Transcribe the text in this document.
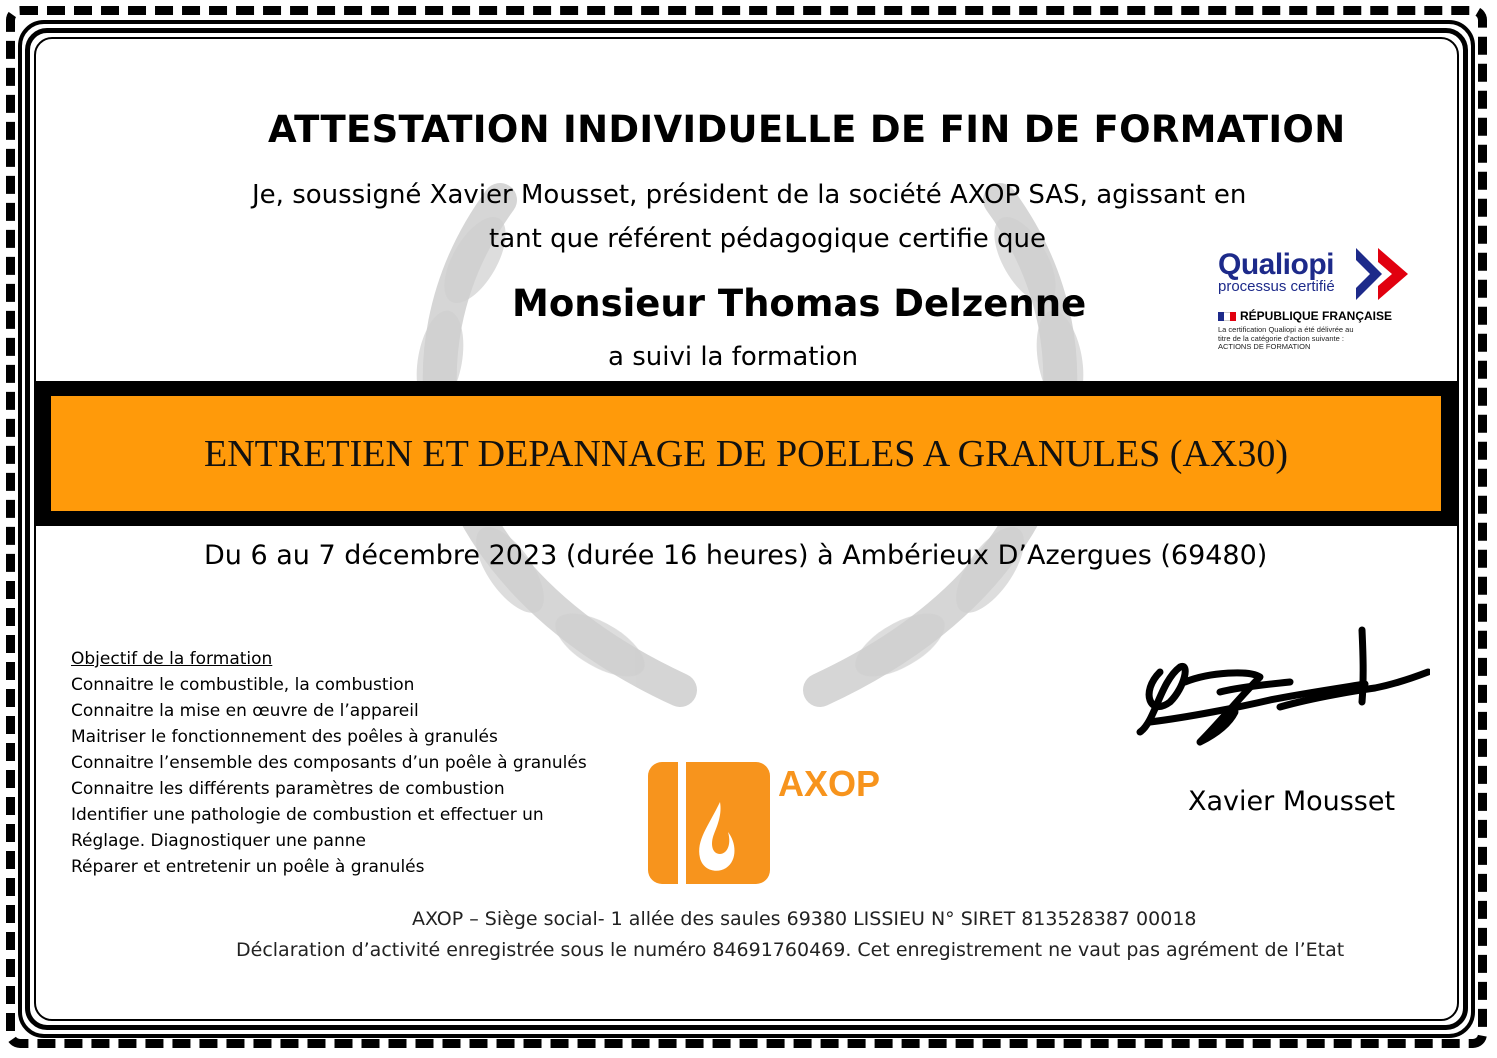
ATTESTATION INDIVIDUELLE DE FIN DE FORMATION
Je, soussigné Xavier Mousset, président de la société AXOP SAS, agissant en
tant que référent pédagogique certifie que
Monsieur Thomas Delzenne
a suivi la formation
Qualiopi
processus certifié
RÉPUBLIQUE FRANÇAISE
La certification Qualiopi a été délivrée au
titre de la catégorie d’action suivante :
ACTIONS DE FORMATION
ENTRETIEN ET DEPANNAGE DE POELES A GRANULES (AX30)
Du 6 au 7 décembre 2023 (durée 16 heures) à Ambérieux D’Azergues (69480)
Objectif de la formation
Connaitre le combustible, la combustion
Connaitre la mise en œuvre de l’appareil
Maitriser le fonctionnement des poêles à granulés
Connaitre l’ensemble des composants d’un poêle à granulés
Connaitre les différents paramètres de combustion
Identifier une pathologie de combustion et effectuer un
Réglage. Diagnostiquer une panne
Réparer et entretenir un poêle à granulés
AXOP	Xavier Mousset
AXOP – Siège social- 1 allée des saules 69380 LISSIEU N° SIRET 813528387 00018
Déclaration d’activité enregistrée sous le numéro 84691760469. Cet enregistrement ne vaut pas agrément de l’Etat
